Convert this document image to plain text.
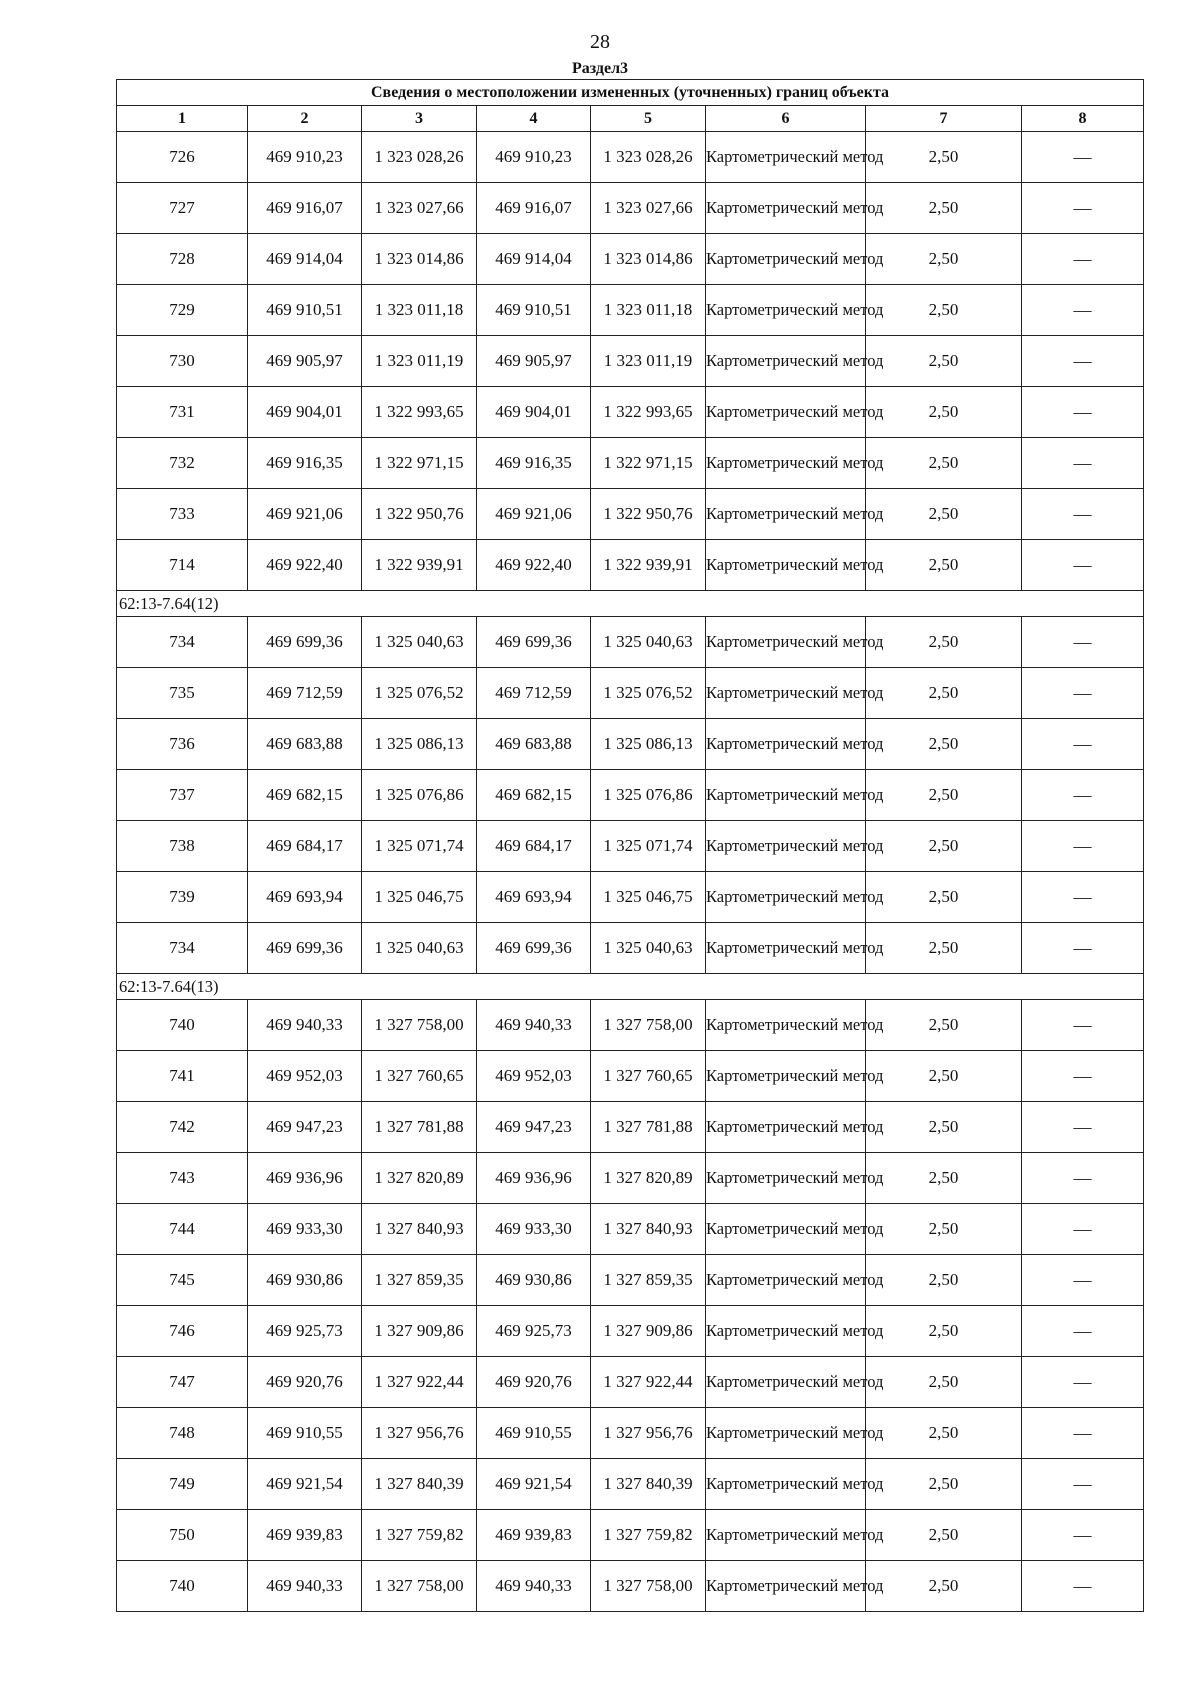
28
Раздел3
Сведения о местоположении измененных (уточненных) границ объекта							
1	2	3	4	5	6	7	8
726	469 910,23	1 323 028,26	469 910,23	1 323 028,26	Картометрический метод	2,50	—
727	469 916,07	1 323 027,66	469 916,07	1 323 027,66	Картометрический метод	2,50	—
728	469 914,04	1 323 014,86	469 914,04	1 323 014,86	Картометрический метод	2,50	—
729	469 910,51	1 323 011,18	469 910,51	1 323 011,18	Картометрический метод	2,50	—
730	469 905,97	1 323 011,19	469 905,97	1 323 011,19	Картометрический метод	2,50	—
731	469 904,01	1 322 993,65	469 904,01	1 322 993,65	Картометрический метод	2,50	—
732	469 916,35	1 322 971,15	469 916,35	1 322 971,15	Картометрический метод	2,50	—
733	469 921,06	1 322 950,76	469 921,06	1 322 950,76	Картометрический метод	2,50	—
714	469 922,40	1 322 939,91	469 922,40	1 322 939,91	Картометрический метод	2,50	—
62:13-7.64(12)							
734	469 699,36	1 325 040,63	469 699,36	1 325 040,63	Картометрический метод	2,50	—
735	469 712,59	1 325 076,52	469 712,59	1 325 076,52	Картометрический метод	2,50	—
736	469 683,88	1 325 086,13	469 683,88	1 325 086,13	Картометрический метод	2,50	—
737	469 682,15	1 325 076,86	469 682,15	1 325 076,86	Картометрический метод	2,50	—
738	469 684,17	1 325 071,74	469 684,17	1 325 071,74	Картометрический метод	2,50	—
739	469 693,94	1 325 046,75	469 693,94	1 325 046,75	Картометрический метод	2,50	—
734	469 699,36	1 325 040,63	469 699,36	1 325 040,63	Картометрический метод	2,50	—
62:13-7.64(13)							
740	469 940,33	1 327 758,00	469 940,33	1 327 758,00	Картометрический метод	2,50	—
741	469 952,03	1 327 760,65	469 952,03	1 327 760,65	Картометрический метод	2,50	—
742	469 947,23	1 327 781,88	469 947,23	1 327 781,88	Картометрический метод	2,50	—
743	469 936,96	1 327 820,89	469 936,96	1 327 820,89	Картометрический метод	2,50	—
744	469 933,30	1 327 840,93	469 933,30	1 327 840,93	Картометрический метод	2,50	—
745	469 930,86	1 327 859,35	469 930,86	1 327 859,35	Картометрический метод	2,50	—
746	469 925,73	1 327 909,86	469 925,73	1 327 909,86	Картометрический метод	2,50	—
747	469 920,76	1 327 922,44	469 920,76	1 327 922,44	Картометрический метод	2,50	—
748	469 910,55	1 327 956,76	469 910,55	1 327 956,76	Картометрический метод	2,50	—
749	469 921,54	1 327 840,39	469 921,54	1 327 840,39	Картометрический метод	2,50	—
750	469 939,83	1 327 759,82	469 939,83	1 327 759,82	Картометрический метод	2,50	—
740	469 940,33	1 327 758,00	469 940,33	1 327 758,00	Картометрический метод	2,50	—
